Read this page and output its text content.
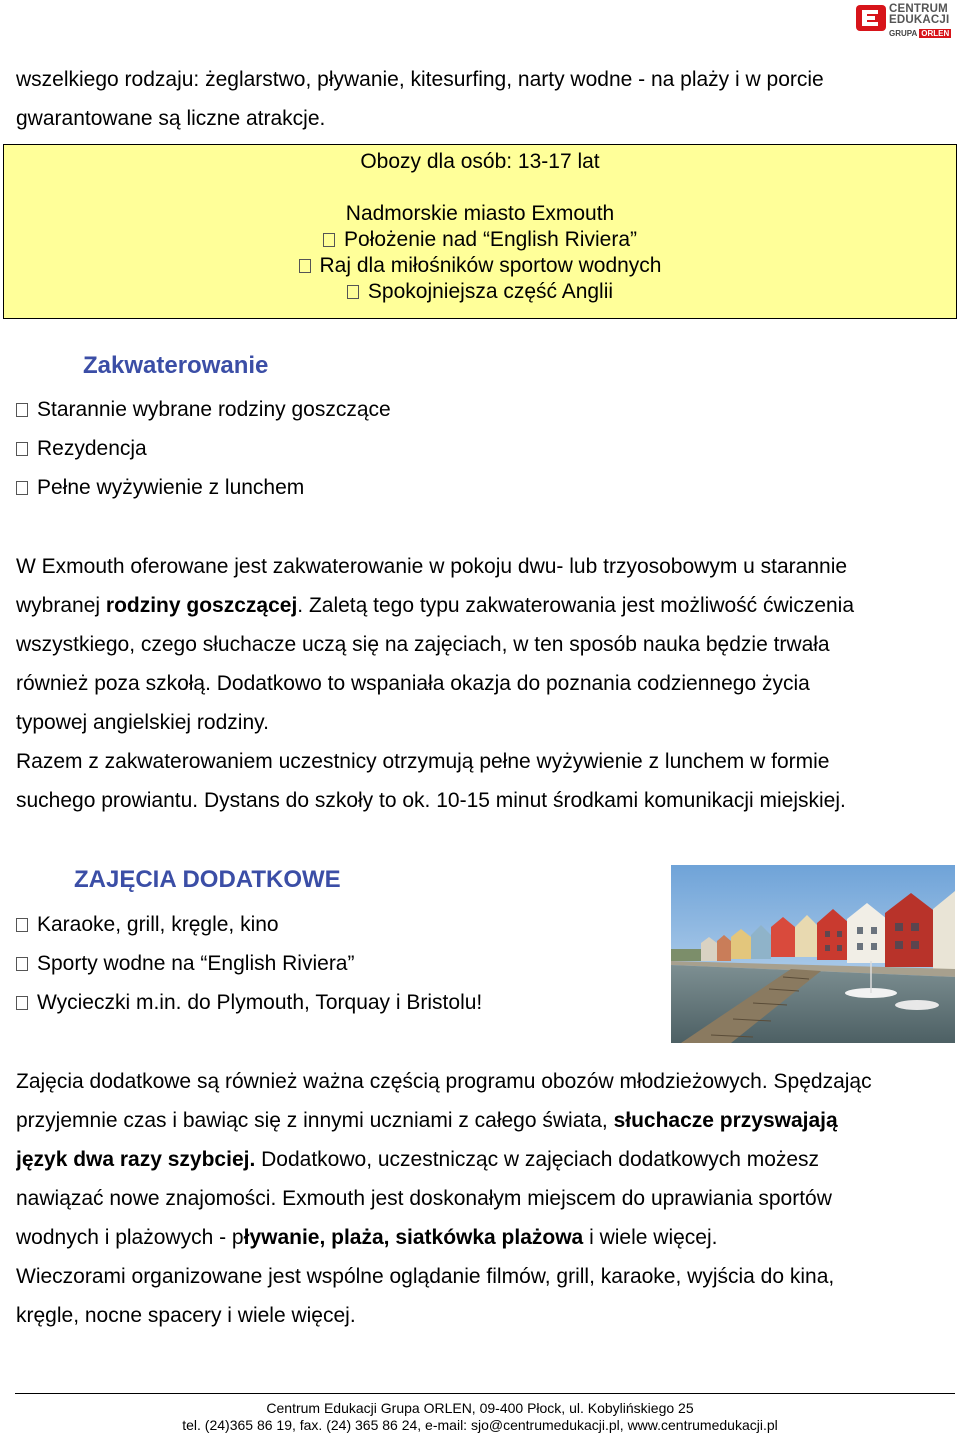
CENTRUM
EDUKACJI
GRUPA ORLEN
wszelkiego rodzaju: żeglarstwo, pływanie, kitesurfing, narty wodne - na plaży i w porcie
gwarantowane są liczne atrakcje.
Obozy dla osób: 13-17 lat
Nadmorskie miasto Exmouth
Położenie nad “English Riviera”
Raj dla miłośników sportow wodnych
Spokojniejsza część Anglii
Zakwaterowanie
Starannie wybrane rodziny goszczące
Rezydencja
Pełne wyżywienie z lunchem
W Exmouth oferowane jest zakwaterowanie w pokoju dwu- lub trzyosobowym u starannie
wybranej rodziny goszczącej. Zaletą tego typu zakwaterowania jest możliwość ćwiczenia
wszystkiego, czego słuchacze uczą się na zajęciach, w ten sposób nauka będzie trwała
również poza szkołą. Dodatkowo to wspaniała okazja do poznania codziennego życia
typowej angielskiej rodziny.
Razem z zakwaterowaniem uczestnicy otrzymują pełne wyżywienie z lunchem w formie
suchego prowiantu. Dystans do szkoły to ok. 10-15 minut środkami komunikacji miejskiej.
ZAJĘCIA DODATKOWE
Karaoke, grill, kręgle, kino
Sporty wodne na “English Riviera”
Wycieczki m.in. do Plymouth, Torquay i Bristolu!
Zajęcia dodatkowe są również ważna częścią programu obozów młodzieżowych. Spędzając
przyjemnie czas i bawiąc się z innymi uczniami z całego świata, słuchacze przyswajają
język dwa razy szybciej. Dodatkowo, uczestnicząc w zajęciach dodatkowych możesz
nawiązać nowe znajomości. Exmouth jest doskonałym miejscem do uprawiania sportów
wodnych i plażowych - pływanie, plaża, siatkówka plażowa i wiele więcej.
Wieczorami organizowane jest wspólne oglądanie filmów, grill, karaoke, wyjścia do kina,
kręgle, nocne spacery i wiele więcej.
Centrum Edukacji Grupa ORLEN, 09-400 Płock, ul. Kobylińskiego 25
tel. (24)365 86 19, fax. (24) 365 86 24, e-mail: sjo@centrumedukacji.pl, www.centrumedukacji.pl
